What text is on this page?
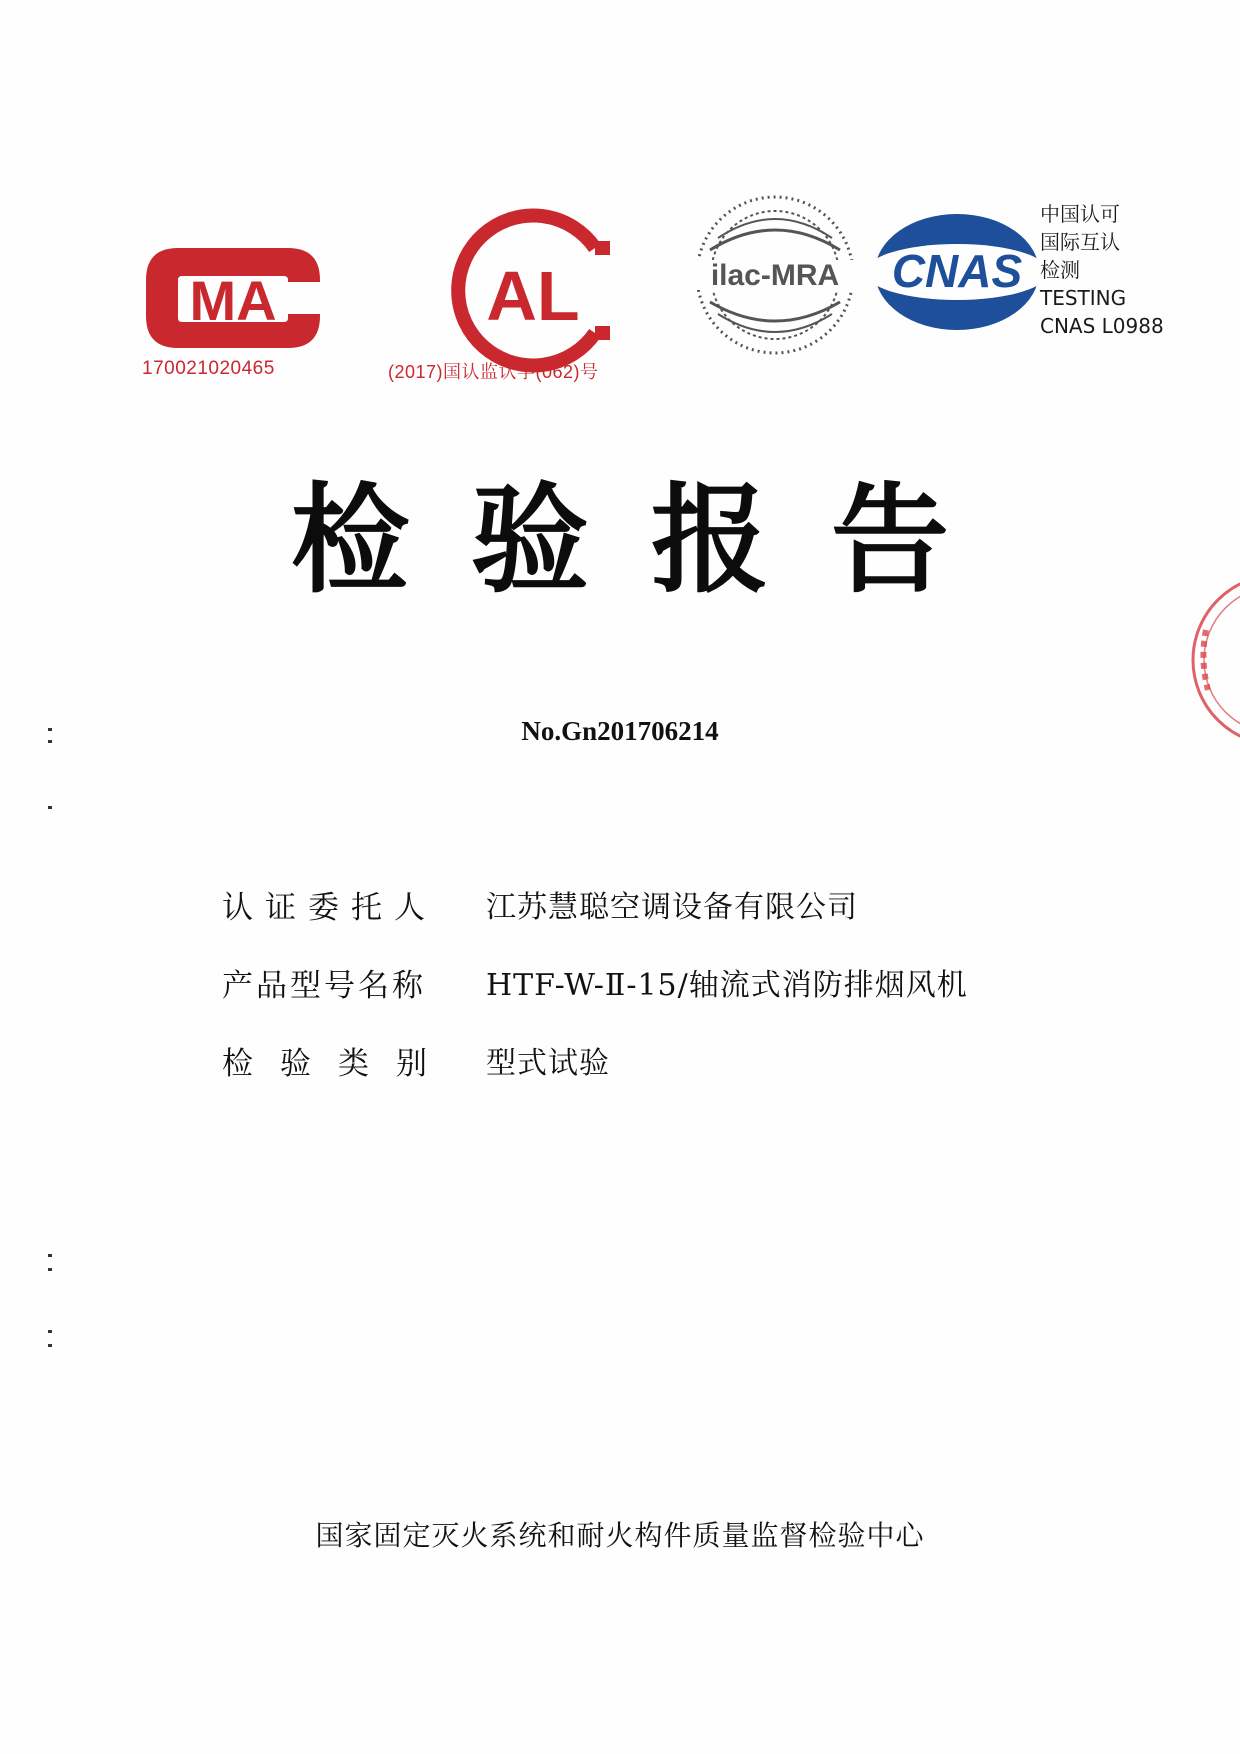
MA
170021020465
AL
(2017)国认监认字(062)号
ilac-MRA CNAS
中国认可
国际互认
检测
TESTING
CNAS L0988
检验报告
No.Gn201706214
认证委托人 江苏慧聪空调设备有限公司
产品型号名称	HTF-W-Ⅱ-15/轴流式消防排烟风机
检验类别 型式试验
国家固定灭火系统和耐火构件质量监督检验中心
